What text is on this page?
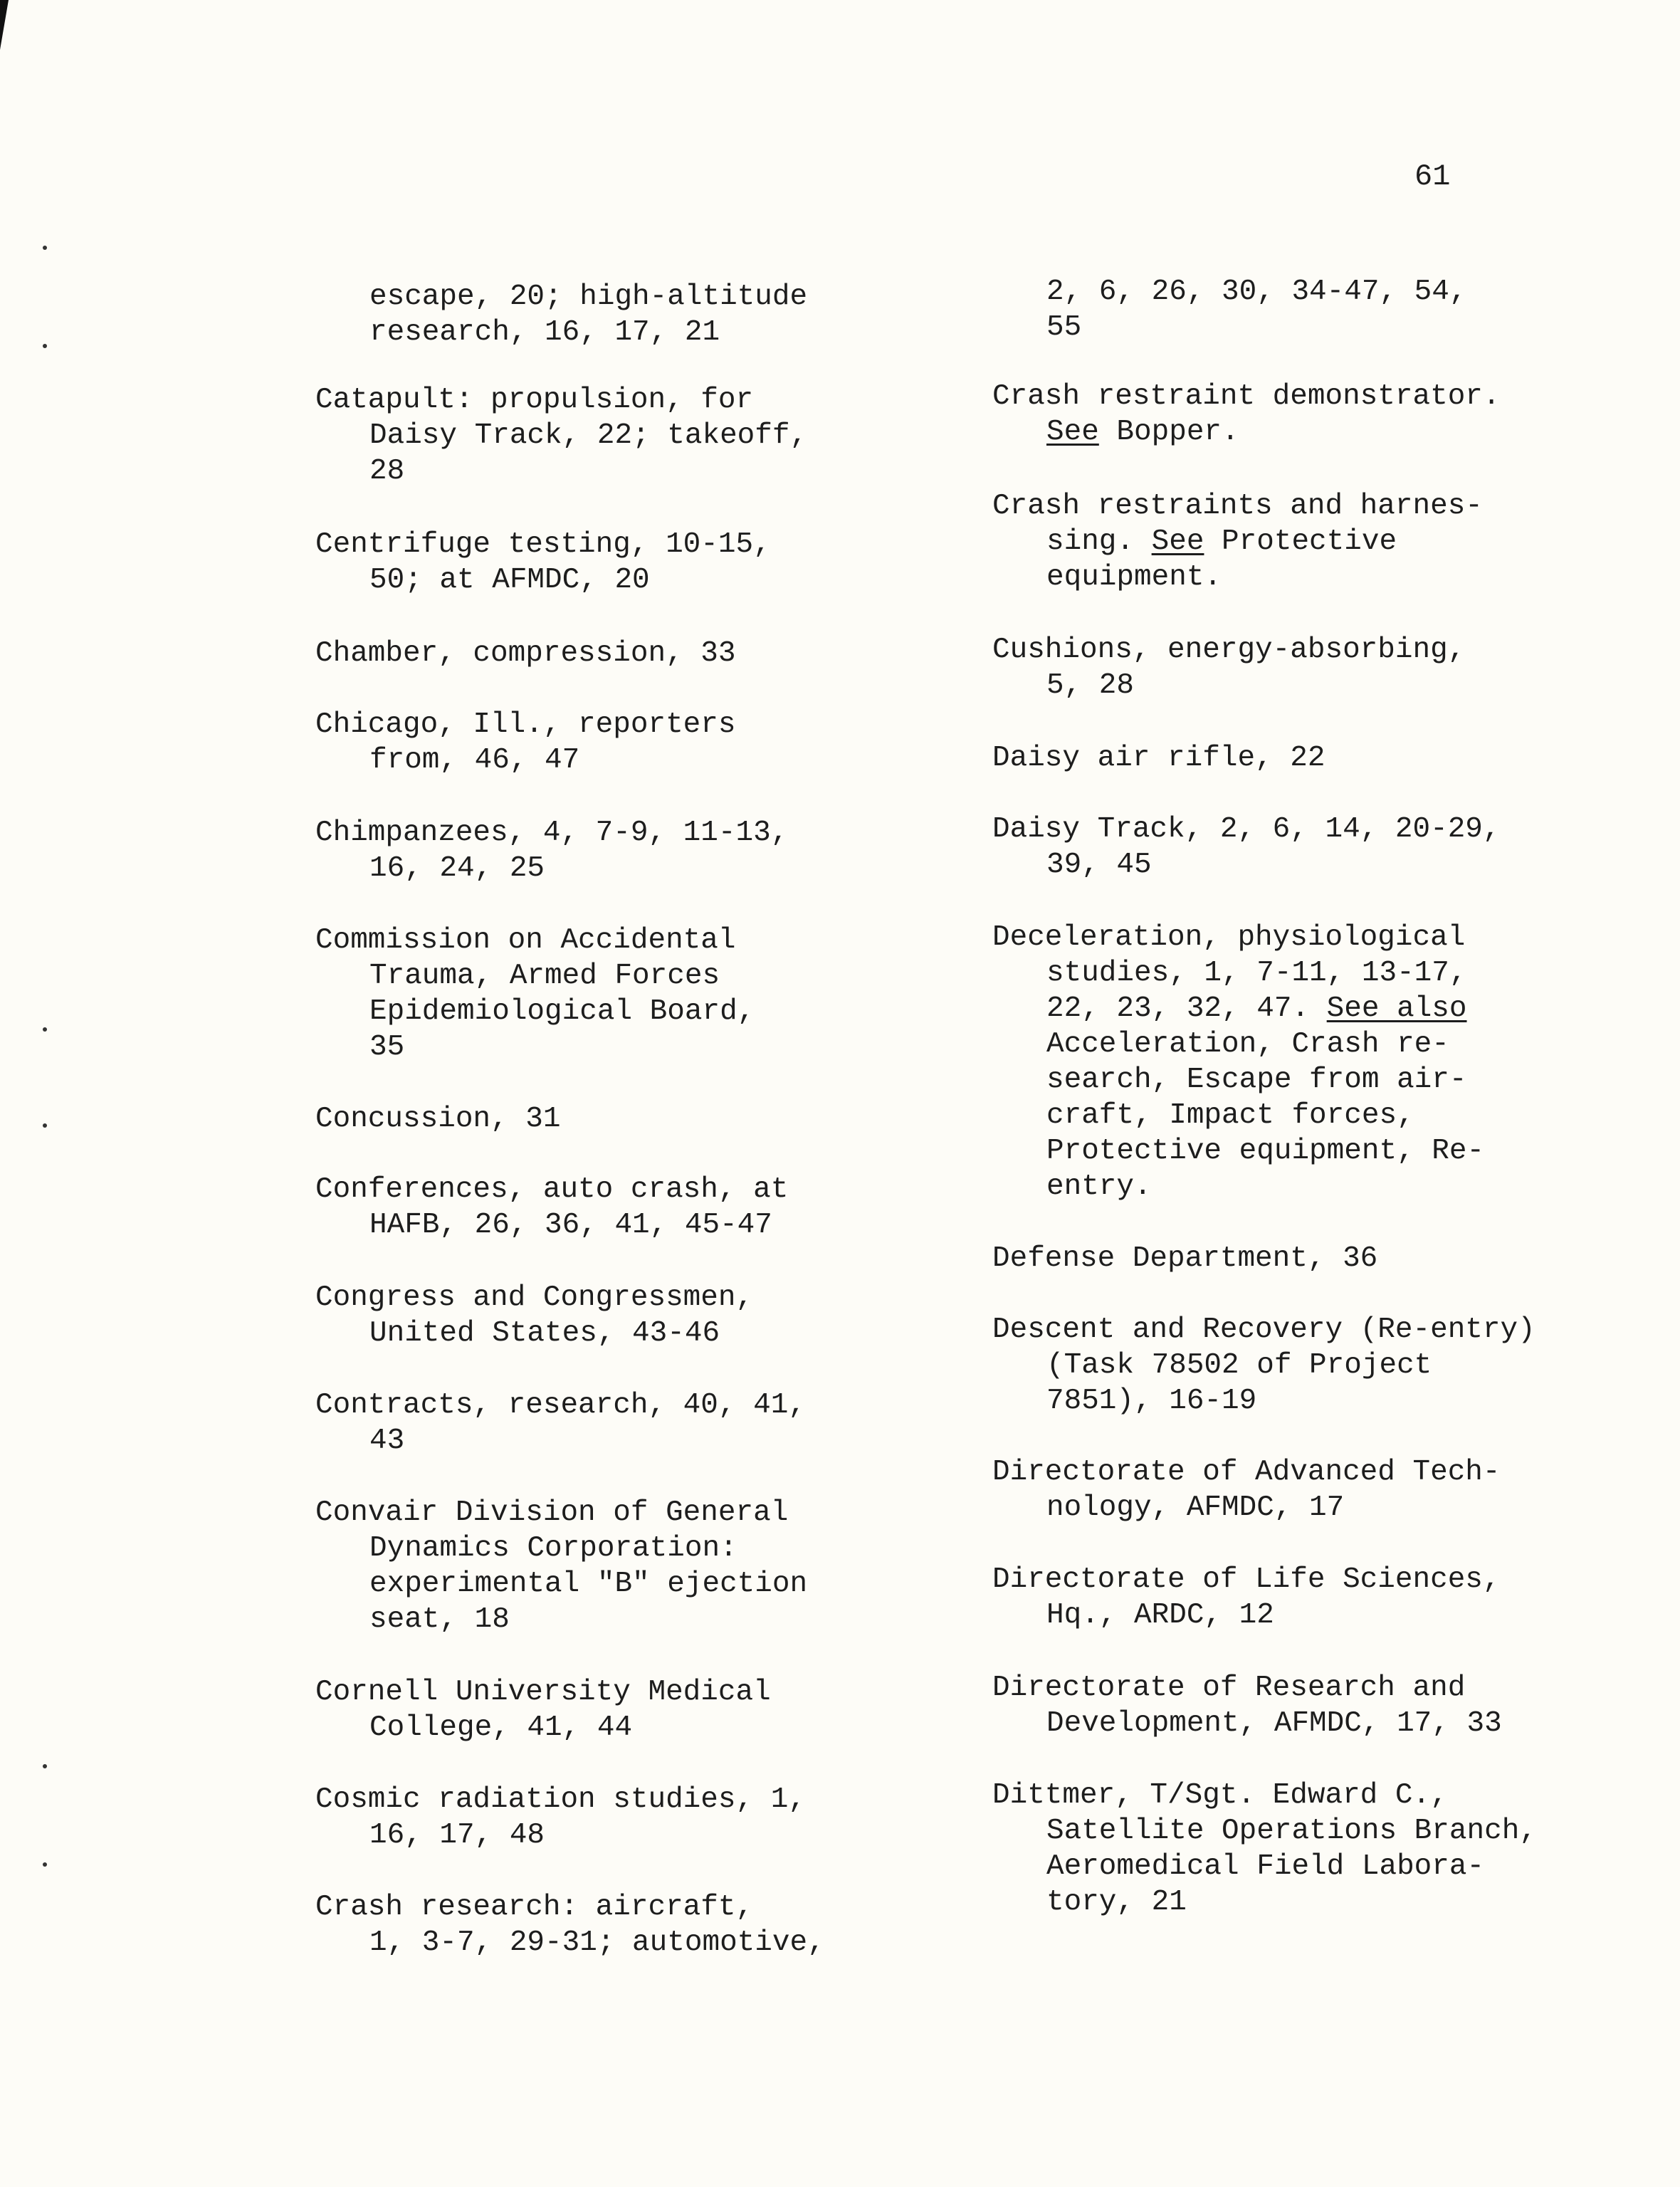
61
escape, 20; high-altitude
research, 16, 17, 21
Catapult: propulsion, for
Daisy Track, 22; takeoff,
28
Centrifuge testing, 10-15,
50; at AFMDC, 20
Chamber, compression, 33
Chicago, Ill., reporters
from, 46, 47
Chimpanzees, 4, 7-9, 11-13,
16, 24, 25
Commission on Accidental
Trauma, Armed Forces
Epidemiological Board,
35
Concussion, 31
Conferences, auto crash, at
HAFB, 26, 36, 41, 45-47
Congress and Congressmen,
United States, 43-46
Contracts, research, 40, 41,
43
Convair Division of General
Dynamics Corporation:
experimental "B" ejection
seat, 18
Cornell University Medical
College, 41, 44
Cosmic radiation studies, 1,
16, 17, 48
Crash research: aircraft,
1, 3-7, 29-31; automotive,
2, 6, 26, 30, 34-47, 54,
55
Crash restraint demonstrator.
See Bopper.
Crash restraints and harnes-
sing. See Protective
equipment.
Cushions, energy-absorbing,
5, 28
Daisy air rifle, 22
Daisy Track, 2, 6, 14, 20-29,
39, 45
Deceleration, physiological
studies, 1, 7-11, 13-17,
22, 23, 32, 47. See also
Acceleration, Crash re-
search, Escape from air-
craft, Impact forces,
Protective equipment, Re-
entry.
Defense Department, 36
Descent and Recovery (Re-entry)
(Task 78502 of Project
7851), 16-19
Directorate of Advanced Tech-
nology, AFMDC, 17
Directorate of Life Sciences,
Hq., ARDC, 12
Directorate of Research and
Development, AFMDC, 17, 33
Dittmer, T/Sgt. Edward C.,
Satellite Operations Branch,
Aeromedical Field Labora-
tory, 21
